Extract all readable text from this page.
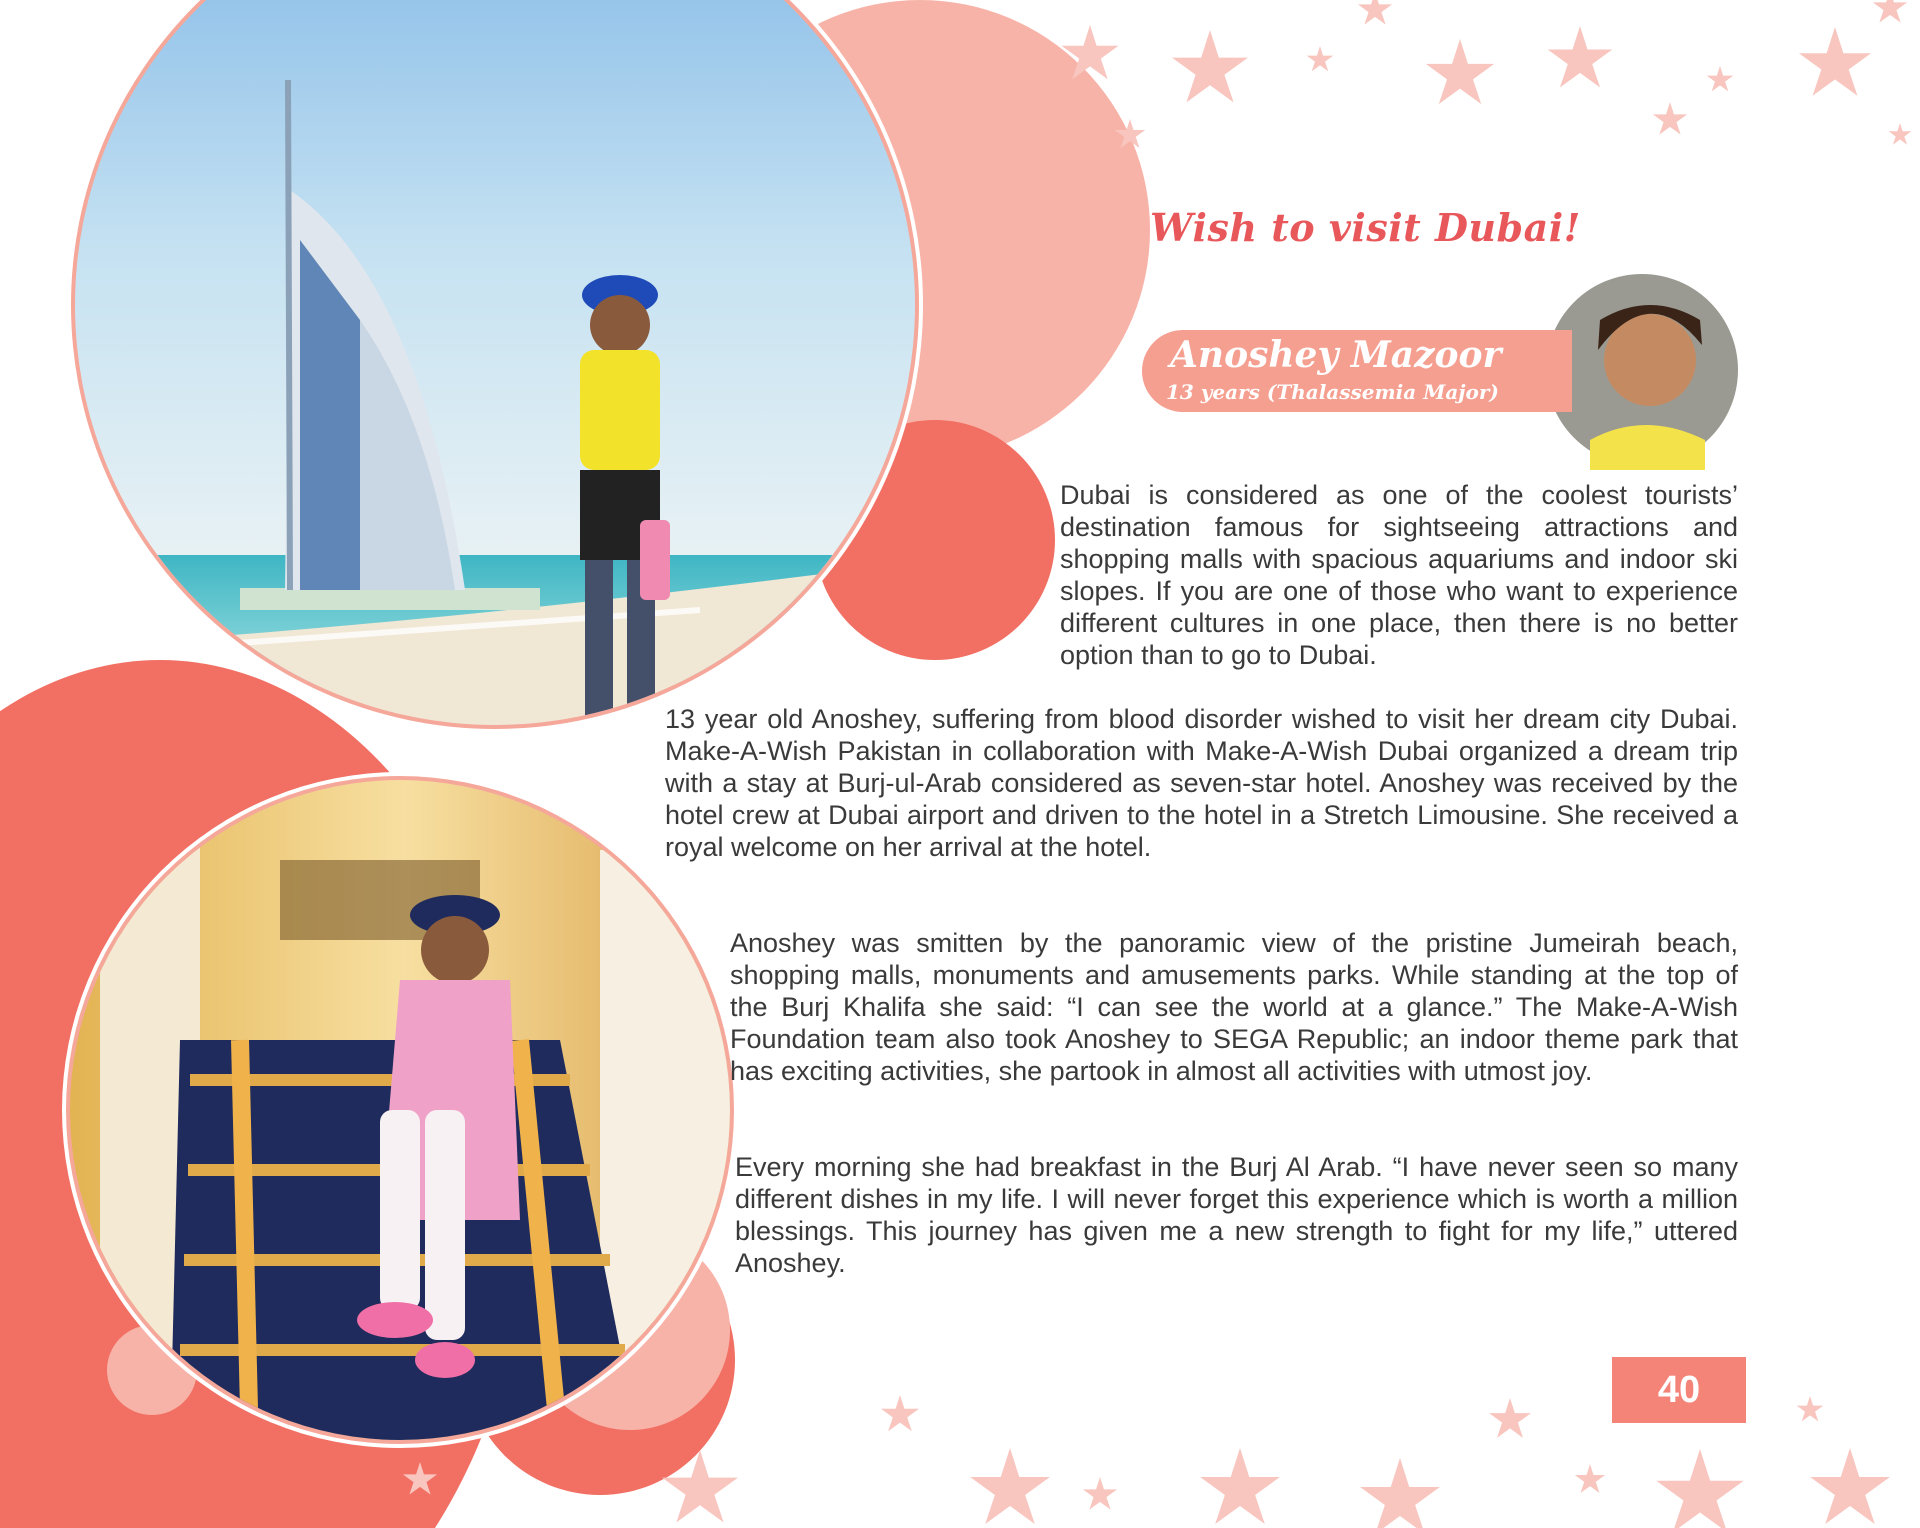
Wish to visit Dubai!
Anoshey Mazoor
13 years (Thalassemia Major)

Dubai is considered as one of the coolest tourists’ destination famous for sightseeing attractions and shopping malls with spacious aquariums and indoor ski slopes. If you are one of those who want to experience different cultures in one place, then there is no better option than to go to Dubai.

13 year old Anoshey, suffering from blood disorder wished to visit her dream city Dubai. Make-A-Wish Pakistan in collaboration with Make-A-Wish Dubai organized a dream trip with a stay at Burj-ul-Arab considered as seven-star hotel. Anoshey was received by the hotel crew at Dubai airport and driven to the hotel in a Stretch Limousine. She received a royal welcome on her arrival at the hotel.

Anoshey was smitten by the panoramic view of the pristine Jumeirah beach, shopping malls, monuments and amusements parks. While standing at the top of the Burj Khalifa she said: “I can see the world at a glance.” The Make-A-Wish Foundation team also took Anoshey to SEGA Republic; an indoor theme park that has exciting activities, she partook in almost all activities with utmost joy.

Every morning she had breakfast in the Burj Al Arab. “I have never seen so many different dishes in my life. I will never forget this experience which is worth a million blessings. This journey has given me a new strength to fight for my life,” uttered Anoshey.

40
